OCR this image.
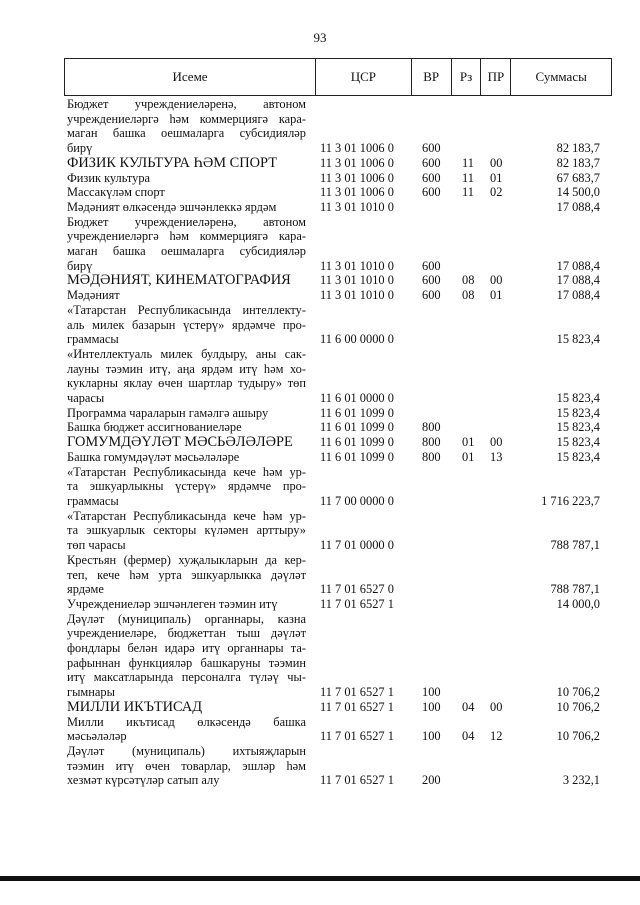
93
Исеме	ЦСР	ВР	Рз	ПР	Суммасы
Бюджет учреждениеләренә, автоном
учреждениеләргә һәм коммерциягә кара-
маган башка оешмаларга субсидияләр
бирү	11 3 01 1006 0	600	82 183,7
ФИЗИК КУЛЬТУРА ҺӘМ СПОРТ	11 3 01 1006 0	600	11	00	82 183,7
Физик культура	11 3 01 1006 0	600	11	01	67 683,7
Массакүләм спорт	11 3 01 1006 0	600	11	02	14 500,0
Мәдәният өлкәсендә эшчәнлеккә ярдәм	11 3 01 1010 0	17 088,4
Бюджет учреждениеләренә, автоном
учреждениеләргә һәм коммерциягә кара-
маган башка оешмаларга субсидияләр
бирү	11 3 01 1010 0	600	17 088,4
МӘДӘНИЯТ, КИНЕМАТОГРАФИЯ	11 3 01 1010 0	600	08	00	17 088,4
Мәдәният	11 3 01 1010 0	600	08	01	17 088,4
«Татарстан Республикасында интеллекту-
аль милек базарын үстерү» ярдәмче про-
граммасы	11 6 00 0000 0	15 823,4
«Интеллектуаль милек булдыру, аны сак-
лауны тәэмин итү, аңа ярдәм итү һәм хо-
кукларны яклау өчен шартлар тудыру» төп
чарасы	11 6 01 0000 0	15 823,4
Программа чараларын гамәлгә ашыру	11 6 01 1099 0	15 823,4
Башка бюджет ассигнованиеләре	11 6 01 1099 0	800	15 823,4
ГОМУМДӘҮЛӘТ МӘСЬӘЛӘЛӘРЕ	11 6 01 1099 0	800	01	00	15 823,4
Башка гомумдәүләт мәсьәләләре	11 6 01 1099 0	800	01	13	15 823,4
«Татарстан Республикасында кече һәм ур-
та эшкуарлыкны үстерү» ярдәмче про-
граммасы	11 7 00 0000 0	1 716 223,7
«Татарстан Республикасында кече һәм ур-
та эшкуарлык секторы күләмен арттыру»
төп чарасы	11 7 01 0000 0	788 787,1
Крестьян (фермер) хуҗалыкларын да кер-
теп, кече һәм урта эшкуарлыкка дәүләт
ярдәме	11 7 01 6527 0	788 787,1
Учреждениеләр эшчәнлеген тәэмин итү	11 7 01 6527 1	14 000,0
Дәүләт (муниципаль) органнары, казна
учреждениеләре, бюджеттан тыш дәүләт
фондлары белән идарә итү органнары та-
рафыннан функцияләр башкаруны тәэмин
итү максатларында персоналга түләү чы-
гымнары	11 7 01 6527 1	100	10 706,2
МИЛЛИ ИКЪТИСАД	11 7 01 6527 1	100	04	00	10 706,2
Милли икътисад өлкәсендә башка
мәсьәләләр	11 7 01 6527 1	100	04	12	10 706,2
Дәүләт (муниципаль) ихтыяҗларын
тәэмин итү өчен товарлар, эшләр һәм
хезмәт күрсәтүләр сатып алу	11 7 01 6527 1	200	3 232,1
